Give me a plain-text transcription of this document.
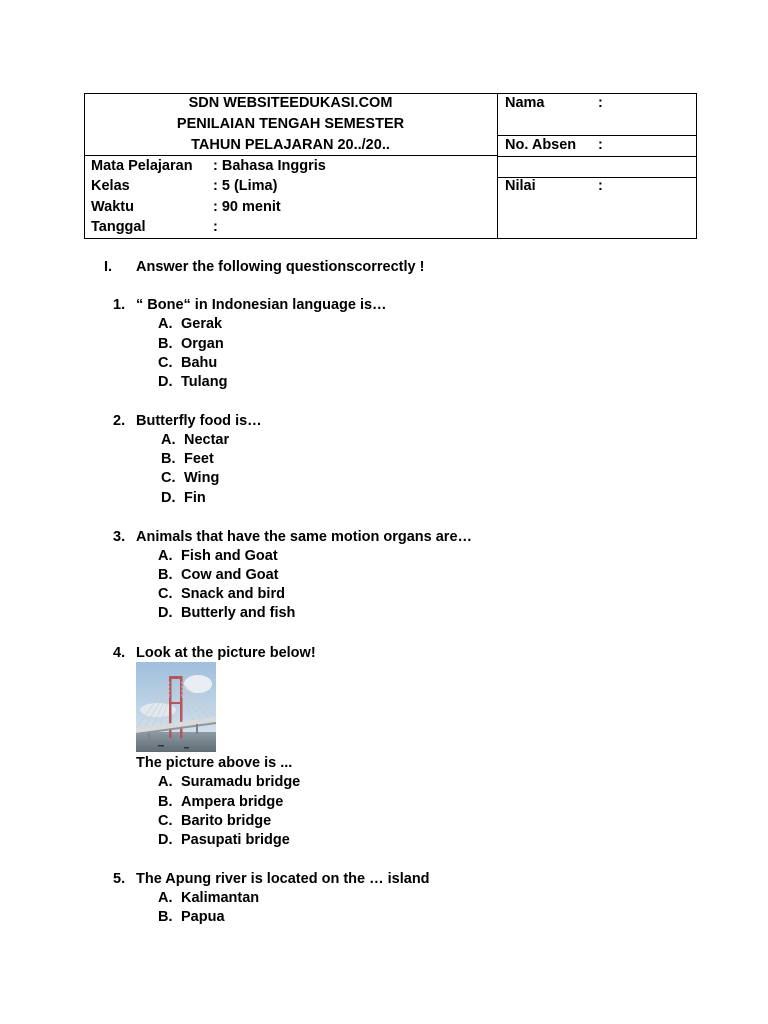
SDN WEBSITEEDUKASI.COM
PENILAIAN TENGAH SEMESTER
TAHUN PELAJARAN 20../20..
Nama	:
No. Absen :
Nilai	:
Mata Pelajaran : Bahasa Inggris
Kelas	: 5 (Lima)
Waktu	: 90 menit
Tanggal	:
I. Answer the following questionscorrectly !
1. “ Bone“ in Indonesian language is…
A. Gerak
B. Organ
C. Bahu
D. Tulang
2. Butterfly food is…
A. Nectar
B. Feet
C. Wing
D. Fin
3. Animals that have the same motion organs are…
A. Fish and Goat
B. Cow and Goat
C. Snack and bird
D. Butterly and fish
4. Look at the picture below!
The picture above is ...
A. Suramadu bridge
B. Ampera bridge
C. Barito bridge
D. Pasupati bridge
5. The Apung river is located on the … island
A. Kalimantan
B. Papua
